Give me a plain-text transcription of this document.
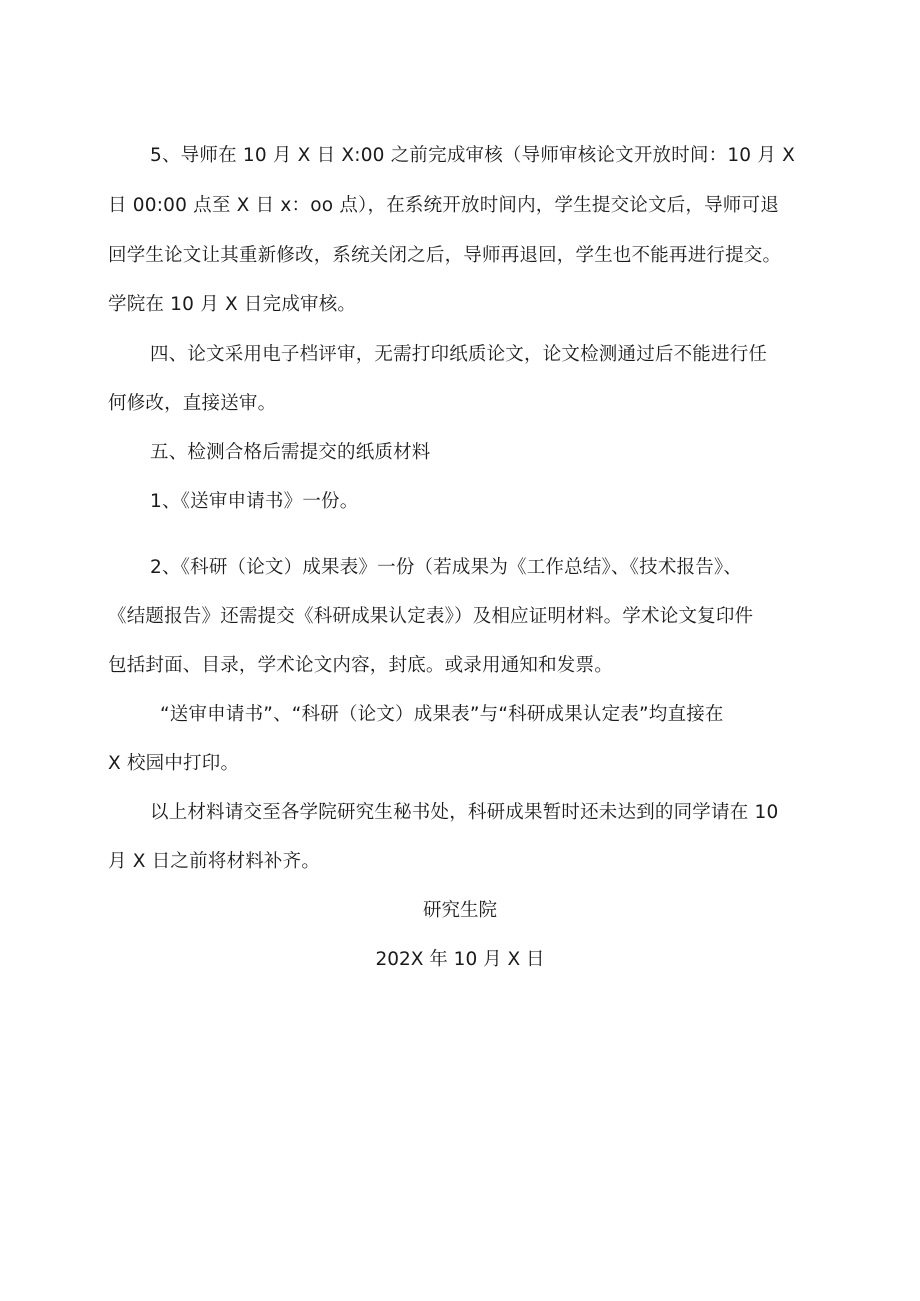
5、导师在 10 月 X 日 X:00 之前完成审核（导师审核论文开放时间：10 月 X
日 00:00 点至 X 日 x：oo 点），在系统开放时间内，学生提交论文后，导师可退
回学生论文让其重新修改，系统关闭之后，导师再退回，学生也不能再进行提交。
学院在 10 月 X 日完成审核。
四、论文采用电子档评审，无需打印纸质论文，论文检测通过后不能进行任
何修改，直接送审。
五、检测合格后需提交的纸质材料
1、《送审申请书》一份。
2、《科研（论文）成果表》一份（若成果为《工作总结》、《技术报告》、
《结题报告》还需提交《科研成果认定表》）及相应证明材料。学术论文复印件
包括封面、目录，学术论文内容，封底。或录用通知和发票。
“送审申请书”、“科研（论文）成果表”与“科研成果认定表”均直接在
X 校园中打印。
以上材料请交至各学院研究生秘书处，科研成果暂时还未达到的同学请在 10
月 X 日之前将材料补齐。
研究生院
202X 年 10 月 X 日
